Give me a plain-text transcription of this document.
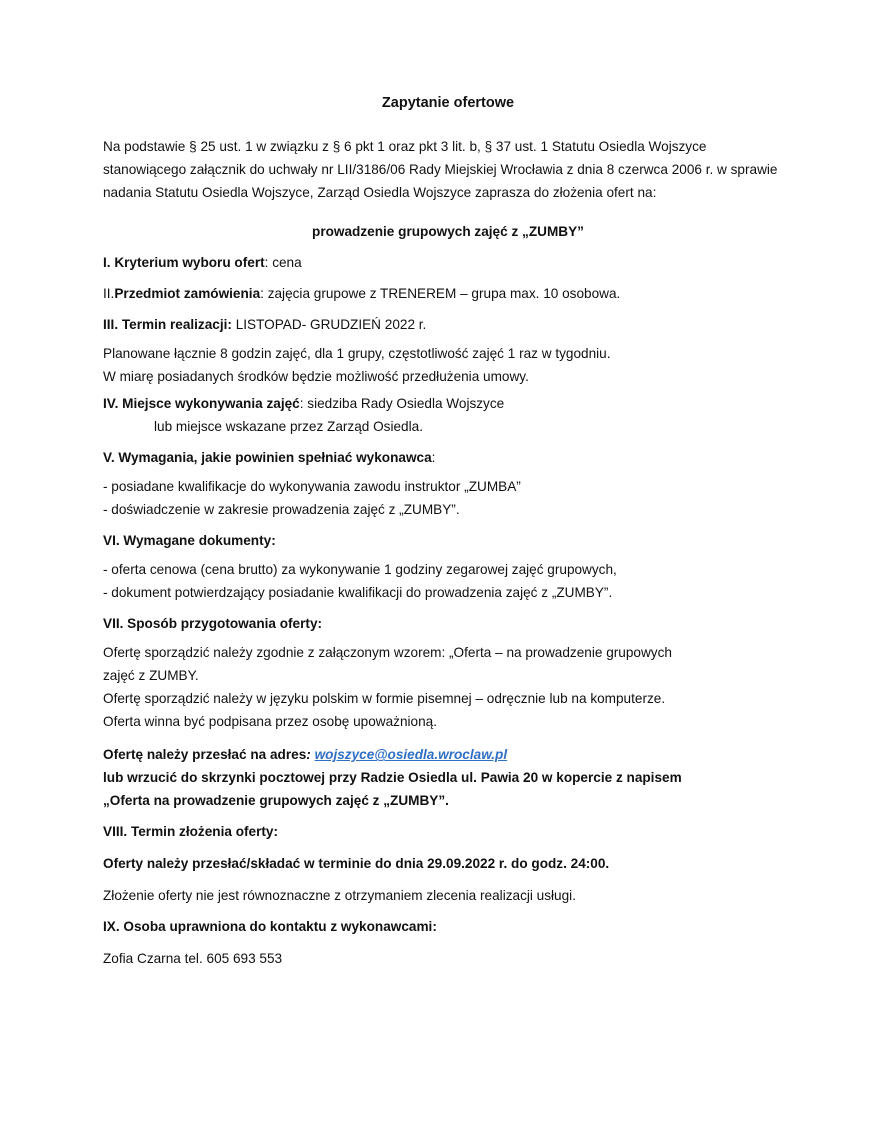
Zapytanie ofertowe
Na podstawie § 25 ust. 1 w związku z § 6 pkt 1 oraz pkt 3 lit. b, § 37 ust. 1 Statutu Osiedla Wojszyce stanowiącego załącznik do uchwały nr LII/3186/06 Rady Miejskiej Wrocławia z dnia 8 czerwca 2006 r. w sprawie nadania Statutu Osiedla Wojszyce, Zarząd Osiedla Wojszyce zaprasza do złożenia ofert na:
prowadzenie grupowych zajęć z „ZUMBY”
I. Kryterium wyboru ofert: cena
II.Przedmiot zamówienia: zajęcia grupowe z TRENEREM – grupa max. 10 osobowa.
III. Termin realizacji: LISTOPAD- GRUDZIEŃ 2022 r.
Planowane łącznie 8 godzin zajęć, dla 1 grupy, częstotliwość zajęć 1 raz w tygodniu.
W miarę posiadanych środków będzie możliwość przedłużenia umowy.
IV. Miejsce wykonywania zajęć: siedziba Rady Osiedla Wojszyce
lub miejsce wskazane przez Zarząd Osiedla.
V. Wymagania, jakie powinien spełniać wykonawca:
- posiadane kwalifikacje do wykonywania zawodu instruktor „ZUMBA”
- doświadczenie w zakresie prowadzenia zajęć z „ZUMBY”.
VI. Wymagane dokumenty:
- oferta cenowa (cena brutto) za wykonywanie 1 godziny zegarowej zajęć grupowych,
- dokument potwierdzający posiadanie kwalifikacji do prowadzenia zajęć z „ZUMBY”.
VII. Sposób przygotowania oferty:
Ofertę sporządzić należy zgodnie z załączonym wzorem: „Oferta – na prowadzenie grupowych
zajęć z ZUMBY.
Ofertę sporządzić należy w języku polskim w formie pisemnej – odręcznie lub na komputerze.
Oferta winna być podpisana przez osobę upoważnioną.
Ofertę należy przesłać na adres: wojszyce@osiedla.wroclaw.pl
lub wrzucić do skrzynki pocztowej przy Radzie Osiedla ul. Pawia 20 w kopercie z napisem
„Oferta na prowadzenie grupowych zajęć z „ZUMBY”.
VIII. Termin złożenia oferty:
Oferty należy przesłać/składać w terminie do dnia 29.09.2022 r. do godz. 24:00.
Złożenie oferty nie jest równoznaczne z otrzymaniem zlecenia realizacji usługi.
IX. Osoba uprawniona do kontaktu z wykonawcami:
Zofia Czarna tel. 605 693 553
